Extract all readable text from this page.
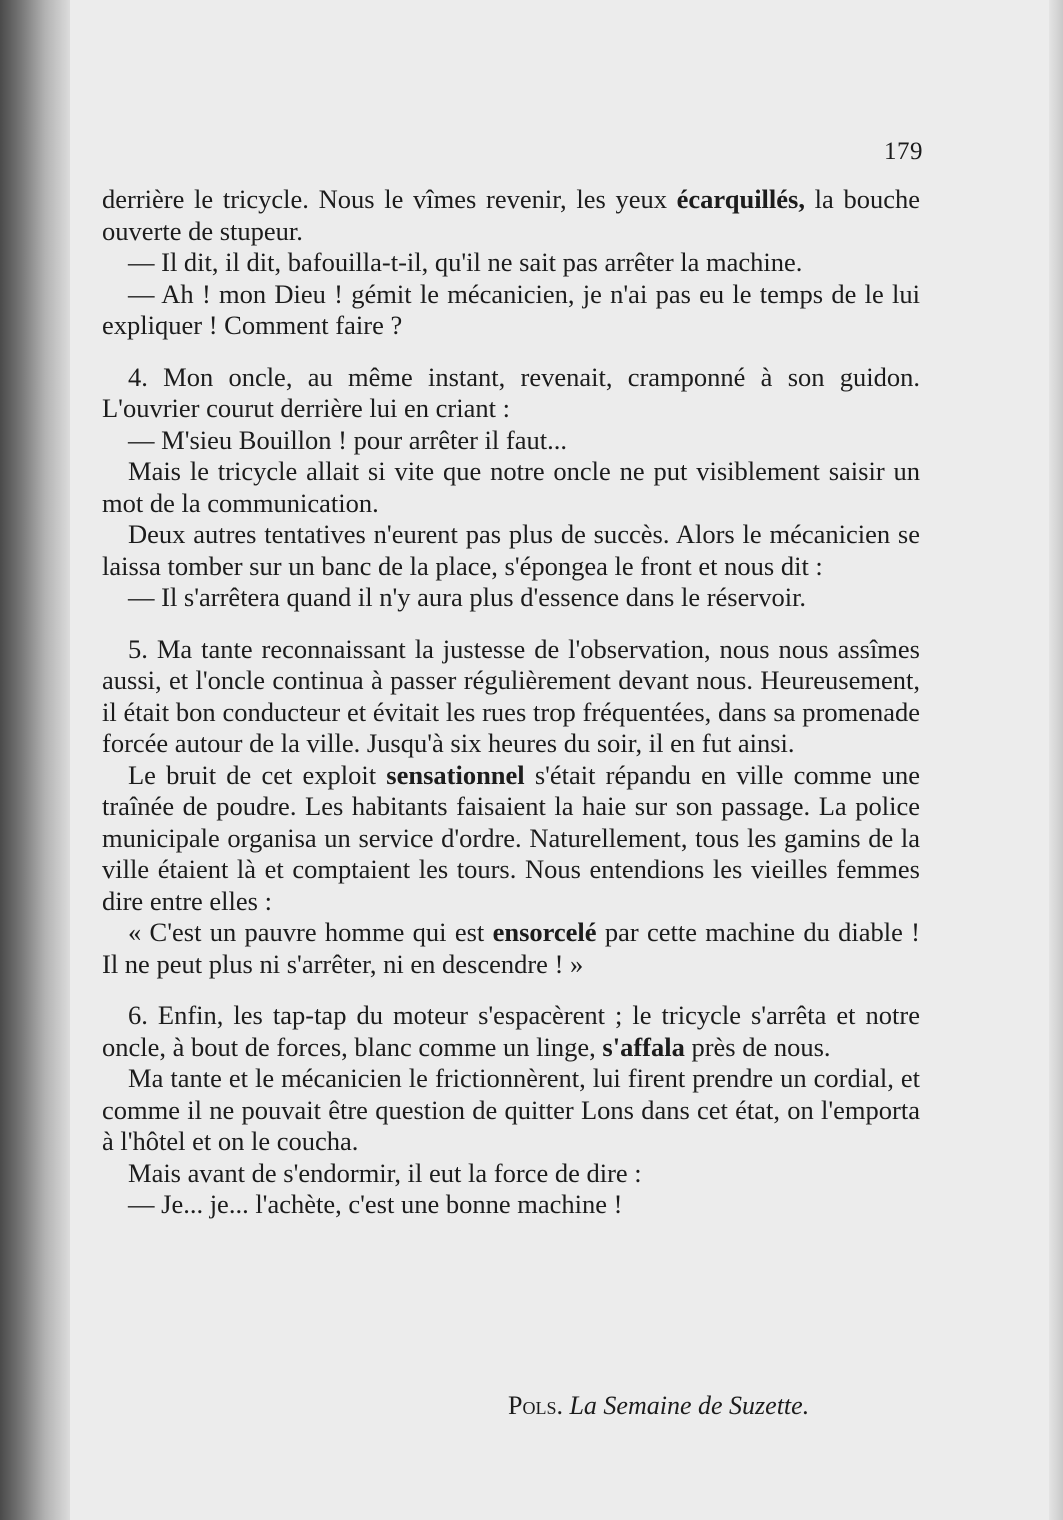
179

derrière le tricycle. Nous le vîmes revenir, les yeux écarquillés, la bouche ouverte de stupeur.

— Il dit, il dit, bafouilla-t-il, qu'il ne sait pas arrêter la machine.

— Ah ! mon Dieu ! gémit le mécanicien, je n'ai pas eu le temps de le lui expliquer ! Comment faire ?

4. Mon oncle, au même instant, revenait, cramponné à son guidon. L'ouvrier courut derrière lui en criant :

— M'sieu Bouillon ! pour arrêter il faut...

Mais le tricycle allait si vite que notre oncle ne put visiblement saisir un mot de la communication.

Deux autres tentatives n'eurent pas plus de succès. Alors le mécanicien se laissa tomber sur un banc de la place, s'épongea le front et nous dit :

— Il s'arrêtera quand il n'y aura plus d'essence dans le réservoir.

5. Ma tante reconnaissant la justesse de l'observation, nous nous assîmes aussi, et l'oncle continua à passer régulièrement devant nous. Heureusement, il était bon conducteur et évitait les rues trop fréquentées, dans sa promenade forcée autour de la ville. Jusqu'à six heures du soir, il en fut ainsi.

Le bruit de cet exploit sensationnel s'était répandu en ville comme une traînée de poudre. Les habitants faisaient la haie sur son passage. La police municipale organisa un service d'ordre. Naturellement, tous les gamins de la ville étaient là et comptaient les tours. Nous entendions les vieilles femmes dire entre elles :

« C'est un pauvre homme qui est ensorcelé par cette machine du diable ! Il ne peut plus ni s'arrêter, ni en descendre ! »

6. Enfin, les tap-tap du moteur s'espacèrent ; le tricycle s'arrêta et notre oncle, à bout de forces, blanc comme un linge, s'affala près de nous.

Ma tante et le mécanicien le frictionnèrent, lui firent prendre un cordial, et comme il ne pouvait être question de quitter Lons dans cet état, on l'emporta à l'hôtel et on le coucha.

Mais avant de s'endormir, il eut la force de dire :

— Je... je... l'achète, c'est une bonne machine !

Pols. La Semaine de Suzette.
